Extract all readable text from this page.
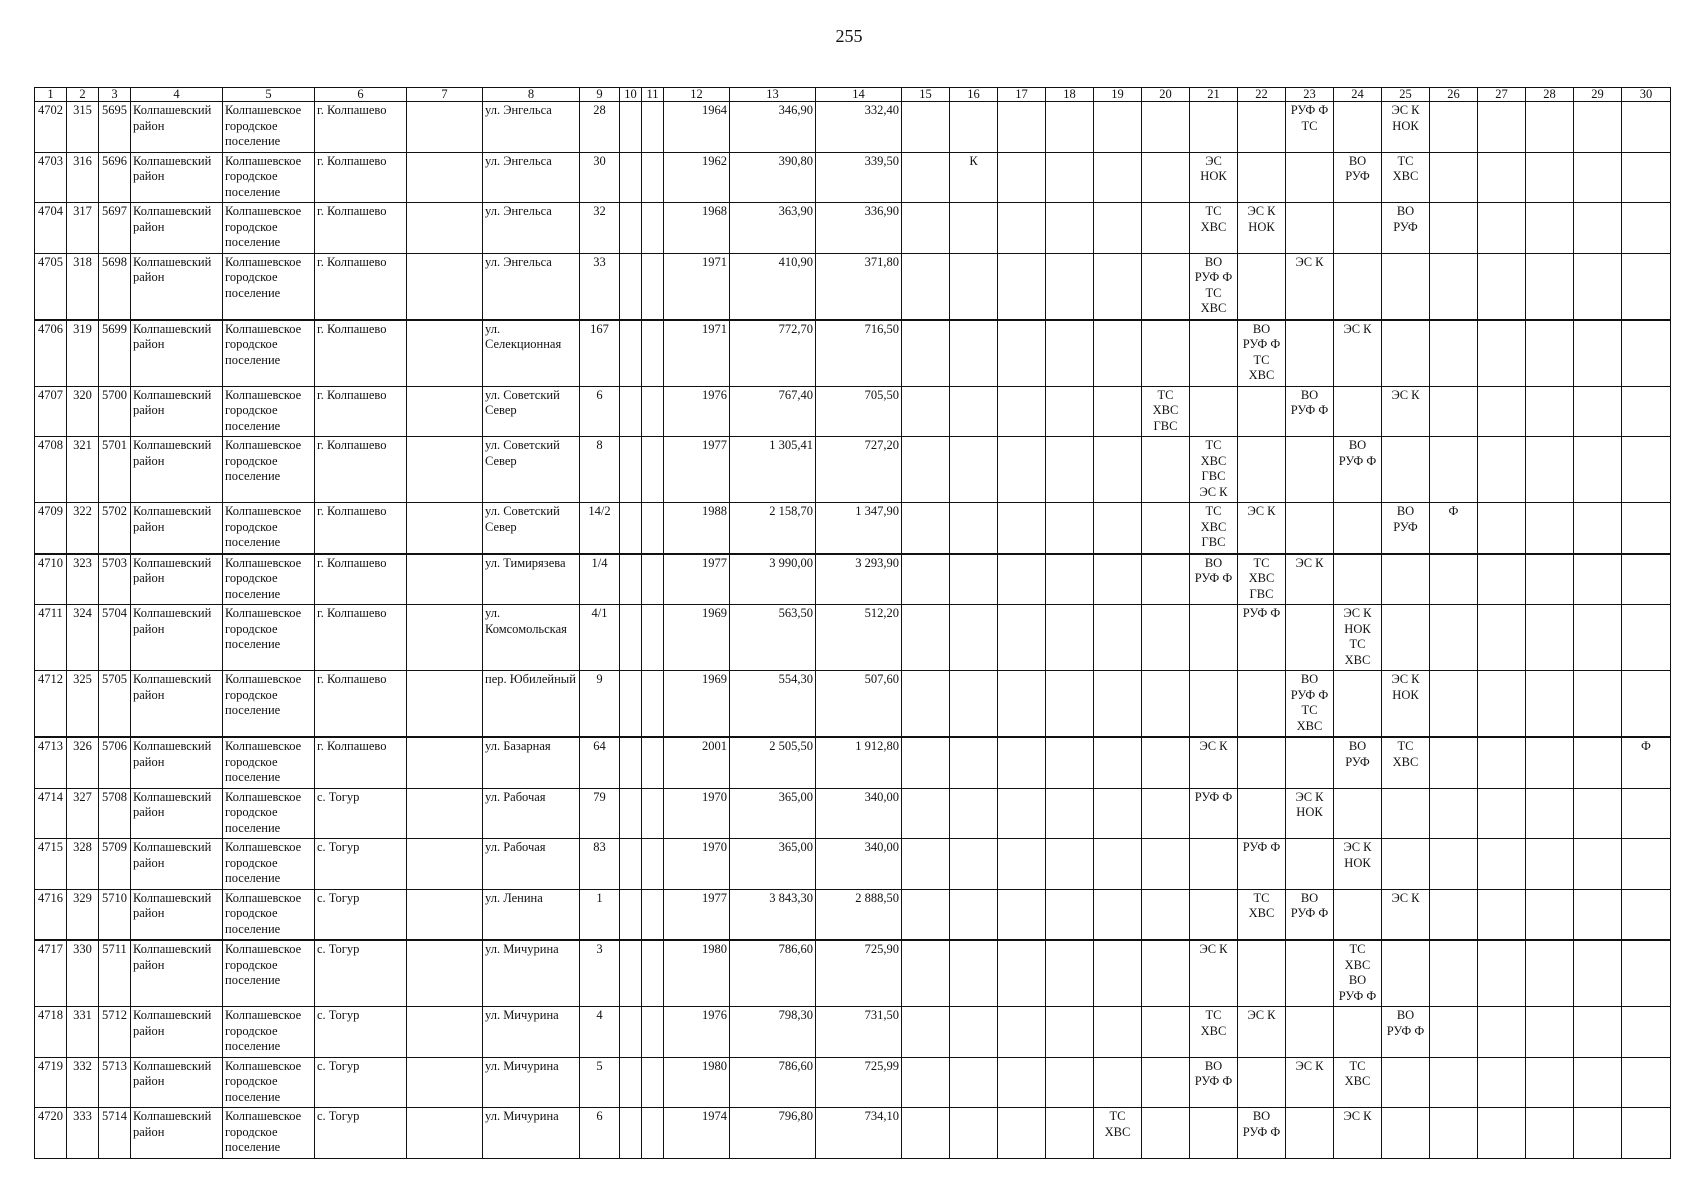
255
1	2	3	4	5	6	7	8	9	10	11	12	13	14	15	16	17	18	19	20	21	22	23	24	25	26	27	28	29	30
4702	315	5695	Колпашевский район	Колпашевское городское поселение	г. Колпашево		ул. Энгельса	28			1964	346,90	332,40									РУФ Ф ТС		ЭС К НОК					
4703	316	5696	Колпашевский район	Колпашевское городское поселение	г. Колпашево		ул. Энгельса	30			1962	390,80	339,50		К					ЭС НОК			ВО РУФ	ТС ХВС					
4704	317	5697	Колпашевский район	Колпашевское городское поселение	г. Колпашево		ул. Энгельса	32			1968	363,90	336,90							ТС ХВС	ЭС К НОК			ВО РУФ					
4705	318	5698	Колпашевский район	Колпашевское городское поселение	г. Колпашево		ул. Энгельса	33			1971	410,90	371,80							ВО РУФ Ф ТС ХВС		ЭС К							
4706	319	5699	Колпашевский район	Колпашевское городское поселение	г. Колпашево		ул. Селекционная	167			1971	772,70	716,50								ВО РУФ Ф ТС ХВС		ЭС К						
4707	320	5700	Колпашевский район	Колпашевское городское поселение	г. Колпашево		ул. Советский Север	6			1976	767,40	705,50						ТС ХВС ГВС			ВО РУФ Ф		ЭС К					
4708	321	5701	Колпашевский район	Колпашевское городское поселение	г. Колпашево		ул. Советский Север	8			1977	1 305,41	727,20							ТС ХВС ГВС ЭС К			ВО РУФ Ф						
4709	322	5702	Колпашевский район	Колпашевское городское поселение	г. Колпашево		ул. Советский Север	14/2			1988	2 158,70	1 347,90							ТС ХВС ГВС	ЭС К			ВО РУФ	Ф				
4710	323	5703	Колпашевский район	Колпашевское городское поселение	г. Колпашево		ул. Тимирязева	1/4			1977	3 990,00	3 293,90							ВО РУФ Ф	ТС ХВС ГВС	ЭС К							
4711	324	5704	Колпашевский район	Колпашевское городское поселение	г. Колпашево		ул. Комсомольская	4/1			1969	563,50	512,20								РУФ Ф		ЭС К НОК ТС ХВС						
4712	325	5705	Колпашевский район	Колпашевское городское поселение	г. Колпашево		пер. Юбилейный	9			1969	554,30	507,60									ВО РУФ Ф ТС ХВС		ЭС К НОК					
4713	326	5706	Колпашевский район	Колпашевское городское поселение	г. Колпашево		ул. Базарная	64			2001	2 505,50	1 912,80							ЭС К			ВО РУФ	ТС ХВС					Ф
4714	327	5708	Колпашевский район	Колпашевское городское поселение	с. Тогур		ул. Рабочая	79			1970	365,00	340,00							РУФ Ф		ЭС К НОК							
4715	328	5709	Колпашевский район	Колпашевское городское поселение	с. Тогур		ул. Рабочая	83			1970	365,00	340,00								РУФ Ф		ЭС К НОК						
4716	329	5710	Колпашевский район	Колпашевское городское поселение	с. Тогур		ул. Ленина	1			1977	3 843,30	2 888,50								ТС ХВС	ВО РУФ Ф		ЭС К					
4717	330	5711	Колпашевский район	Колпашевское городское поселение	с. Тогур		ул. Мичурина	3			1980	786,60	725,90							ЭС К			ТС ХВС ВО РУФ Ф						
4718	331	5712	Колпашевский район	Колпашевское городское поселение	с. Тогур		ул. Мичурина	4			1976	798,30	731,50							ТС ХВС	ЭС К			ВО РУФ Ф					
4719	332	5713	Колпашевский район	Колпашевское городское поселение	с. Тогур		ул. Мичурина	5			1980	786,60	725,99							ВО РУФ Ф		ЭС К	ТС ХВС						
4720	333	5714	Колпашевский район	Колпашевское городское поселение	с. Тогур		ул. Мичурина	6			1974	796,80	734,10					ТС ХВС			ВО РУФ Ф		ЭС К						
